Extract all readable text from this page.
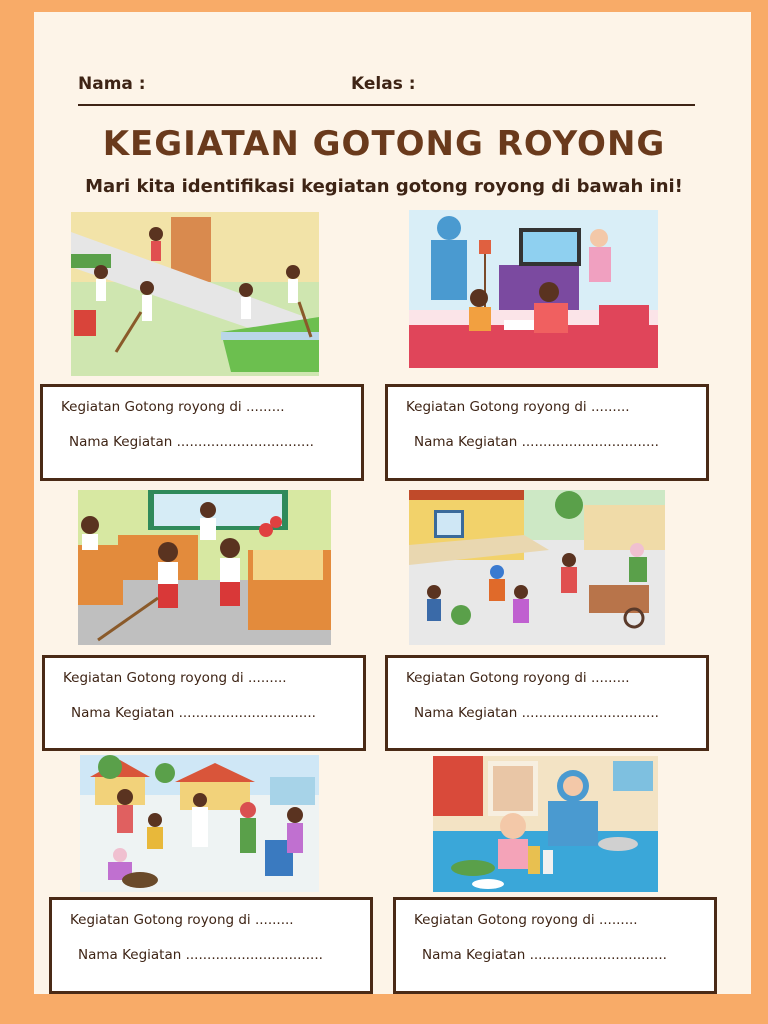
Nama :	Kelas :
KEGIATAN GOTONG ROYONG
Mari kita identifikasi kegiatan gotong royong di bawah ini!
Kegiatan Gotong royong di .........
Nama Kegiatan ................................
Kegiatan Gotong royong di .........
Nama Kegiatan ................................
Kegiatan Gotong royong di .........
Nama Kegiatan ................................
Kegiatan Gotong royong di .........
Nama Kegiatan ................................
Kegiatan Gotong royong di .........
Nama Kegiatan ................................
Kegiatan Gotong royong di .........
Nama Kegiatan ................................
